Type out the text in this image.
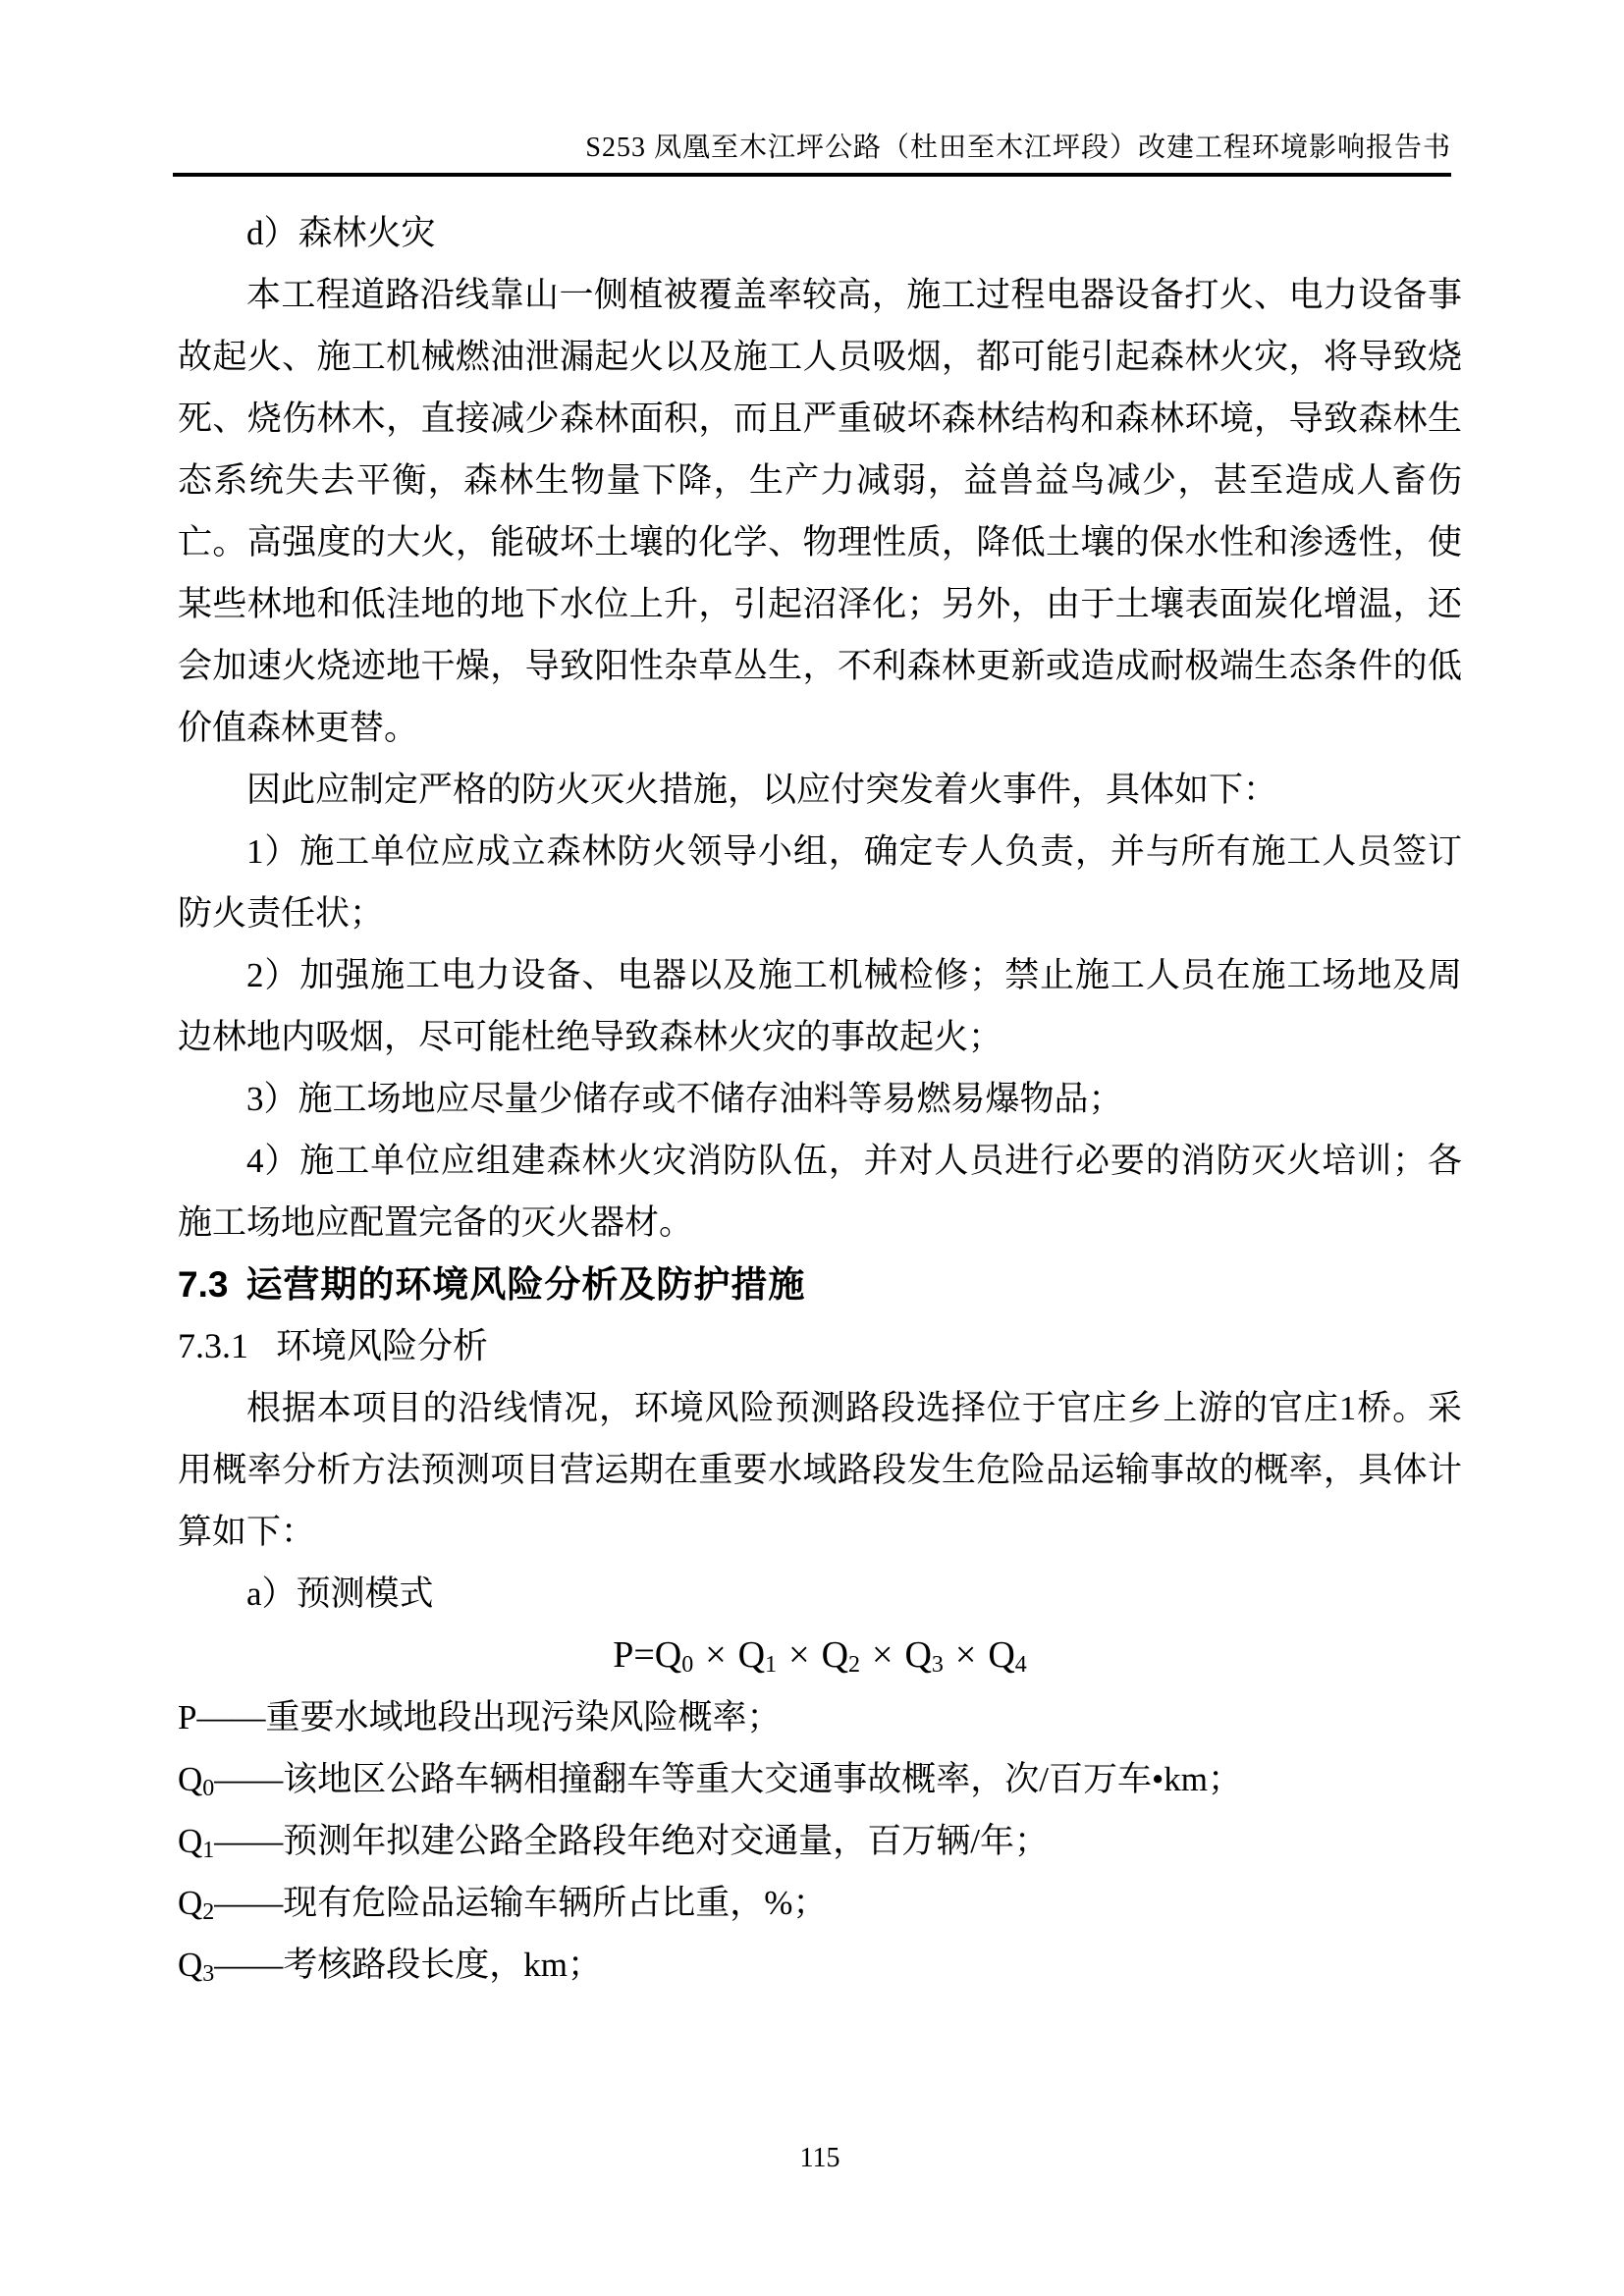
S253 凤凰至木江坪公路（杜田至木江坪段）改建工程环境影响报告书

d）森林火灾

本工程道路沿线靠山一侧植被覆盖率较高，施工过程电器设备打火、电力设备事故起火、施工机械燃油泄漏起火以及施工人员吸烟，都可能引起森林火灾，将导致烧死、烧伤林木，直接减少森林面积，而且严重破坏森林结构和森林环境，导致森林生态系统失去平衡，森林生物量下降，生产力减弱，益兽益鸟减少，甚至造成人畜伤亡。高强度的大火，能破坏土壤的化学、物理性质，降低土壤的保水性和渗透性，使某些林地和低洼地的地下水位上升，引起沼泽化；另外，由于土壤表面炭化增温，还会加速火烧迹地干燥，导致阳性杂草丛生，不利森林更新或造成耐极端生态条件的低价值森林更替。

因此应制定严格的防火灭火措施，以应付突发着火事件，具体如下：

1）施工单位应成立森林防火领导小组，确定专人负责，并与所有施工人员签订防火责任状；

2）加强施工电力设备、电器以及施工机械检修；禁止施工人员在施工场地及周边林地内吸烟，尽可能杜绝导致森林火灾的事故起火；

3）施工场地应尽量少储存或不储存油料等易燃易爆物品；

4）施工单位应组建森林火灾消防队伍，并对人员进行必要的消防灭火培训；各施工场地应配置完备的灭火器材。

7.3 运营期的环境风险分析及防护措施

7.3.1 环境风险分析

根据本项目的沿线情况，环境风险预测路段选择位于官庄乡上游的官庄1桥。采用概率分析方法预测项目营运期在重要水域路段发生危险品运输事故的概率，具体计算如下：

a）预测模式

$P=Q_0 \times Q_1 \times Q_2 \times Q_3 \times Q_4$

P——重要水域地段出现污染风险概率；

$Q_0——$该地区公路车辆相撞翻车等重大交通事故概率，次/百万车•km；

$Q_1——$预测年拟建公路全路段年绝对交通量，百万辆/年；

$Q_2——$现有危险品运输车辆所占比重，%；

$Q_3——$考核路段长度，km；

115
